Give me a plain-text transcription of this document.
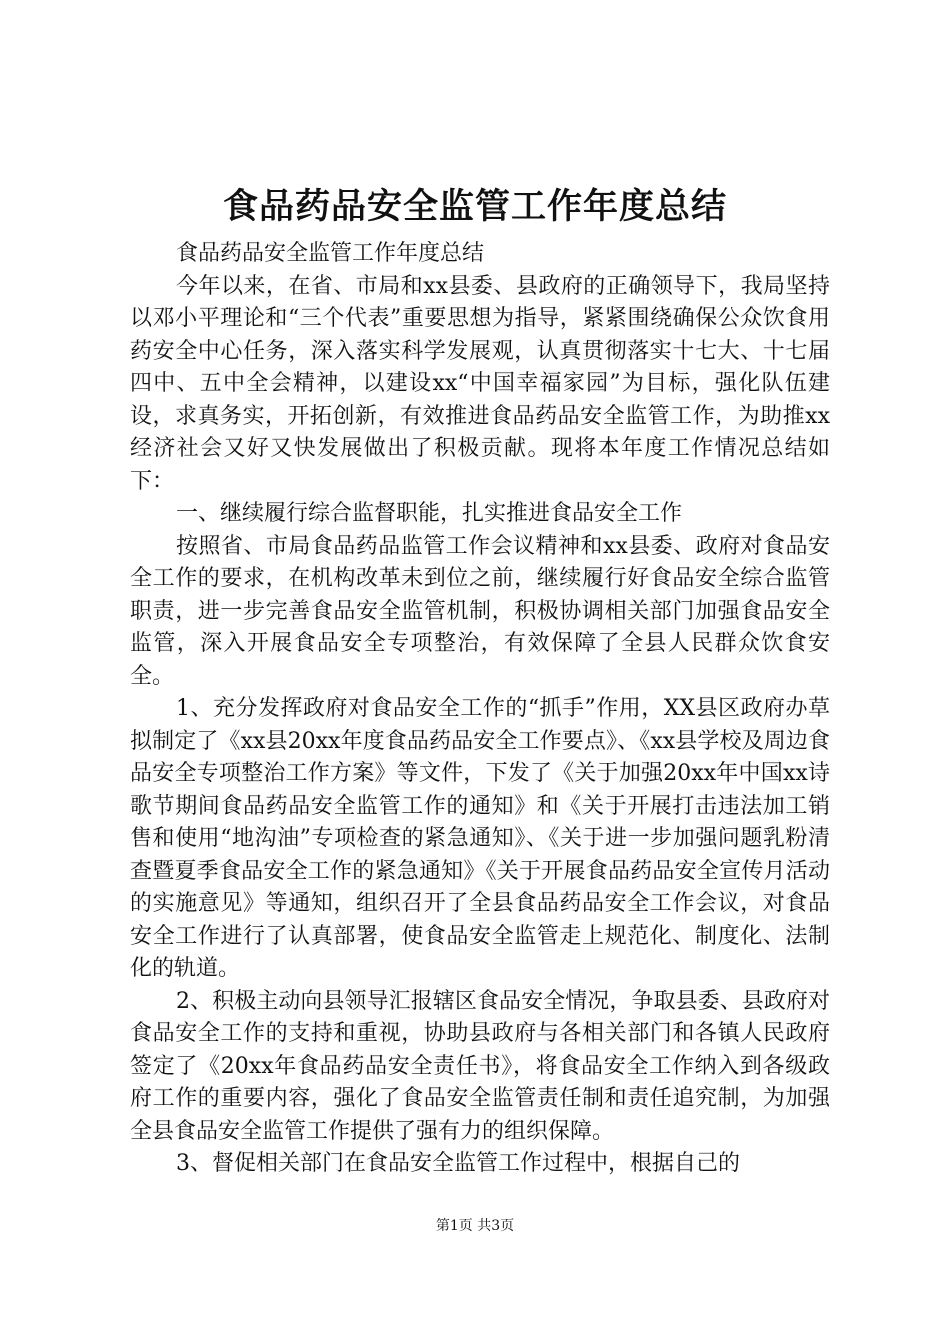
食品药品安全监管工作年度总结

食品药品安全监管工作年度总结

今年以来，在省、市局和xx县委、县政府的正确领导下，我局坚持以邓小平理论和“三个代表”重要思想为指导，紧紧围绕确保公众饮食用药安全中心任务，深入落实科学发展观，认真贯彻落实十七大、十七届四中、五中全会精神，以建设xx“中国幸福家园”为目标，强化队伍建设，求真务实，开拓创新，有效推进食品药品安全监管工作，为助推xx经济社会又好又快发展做出了积极贡献。现将本年度工作情况总结如下：

一、继续履行综合监督职能，扎实推进食品安全工作

按照省、市局食品药品监管工作会议精神和xx县委、政府对食品安全工作的要求，在机构改革未到位之前，继续履行好食品安全综合监管职责，进一步完善食品安全监管机制，积极协调相关部门加强食品安全监管，深入开展食品安全专项整治，有效保障了全县人民群众饮食安全。

1、充分发挥政府对食品安全工作的“抓手”作用，XX县区政府办草拟制定了《xx县20xx年度食品药品安全工作要点》、《xx县学校及周边食品安全专项整治工作方案》等文件，下发了《关于加强20xx年中国xx诗歌节期间食品药品安全监管工作的通知》和《关于开展打击违法加工销售和使用“地沟油”专项检查的紧急通知》、《关于进一步加强问题乳粉清查暨夏季食品安全工作的紧急通知》《关于开展食品药品安全宣传月活动的实施意见》等通知，组织召开了全县食品药品安全工作会议，对食品安全工作进行了认真部署，使食品安全监管走上规范化、制度化、法制化的轨道。

2、积极主动向县领导汇报辖区食品安全情况，争取县委、县政府对食品安全工作的支持和重视，协助县政府与各相关部门和各镇人民政府签定了《20xx年食品药品安全责任书》，将食品安全工作纳入到各级政府工作的重要内容，强化了食品安全监管责任制和责任追究制，为加强全县食品安全监管工作提供了强有力的组织保障。

3、督促相关部门在食品安全监管工作过程中，根据自己的

第1页 共3页
